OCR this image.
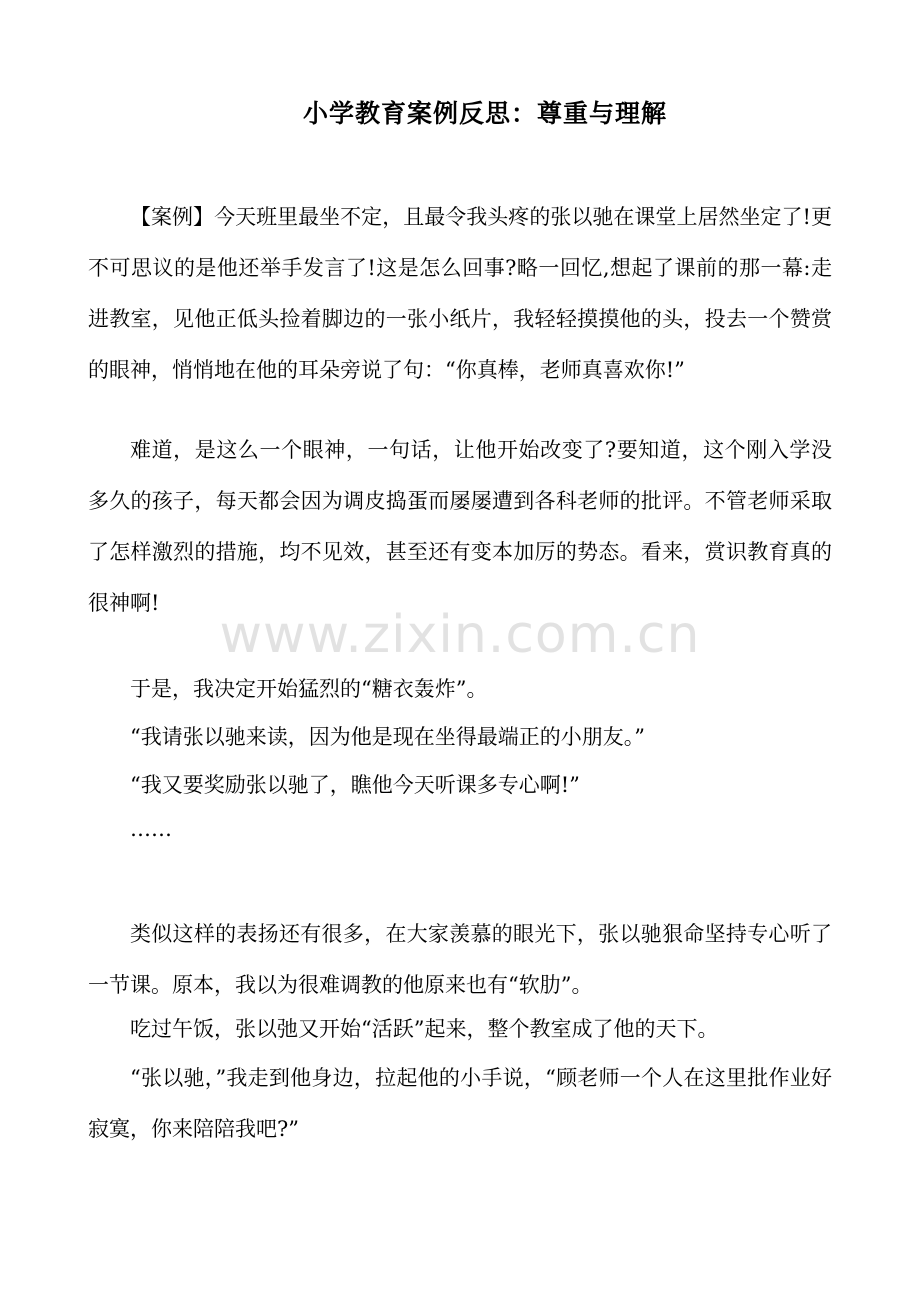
小学教育案例反思：尊重与理解

【案例】今天班里最坐不定，且最令我头疼的张以驰在课堂上居然坐定了!更不可思议的是他还举手发言了!这是怎么回事?略一回忆,想起了课前的那一幕:走进教室，见他正低头捡着脚边的一张小纸片，我轻轻摸摸他的头，投去一个赞赏的眼神，悄悄地在他的耳朵旁说了句：“你真棒，老师真喜欢你!”

难道，是这么一个眼神，一句话，让他开始改变了?要知道，这个刚入学没多久的孩子，每天都会因为调皮捣蛋而屡屡遭到各科老师的批评。不管老师采取了怎样激烈的措施，均不见效，甚至还有变本加厉的势态。看来，赏识教育真的很神啊!

www.zixin.com.cn

于是，我决定开始猛烈的“糖衣轰炸”。

“我请张以驰来读，因为他是现在坐得最端正的小朋友。”

“我又要奖励张以驰了，瞧他今天听课多专心啊!”

……

类似这样的表扬还有很多，在大家羡慕的眼光下，张以驰狠命坚持专心听了一节课。原本，我以为很难调教的他原来也有“软肋”。

吃过午饭，张以弛又开始“活跃”起来，整个教室成了他的天下。

“张以驰，”我走到他身边，拉起他的小手说，“顾老师一个人在这里批作业好寂寞，你来陪陪我吧?”
